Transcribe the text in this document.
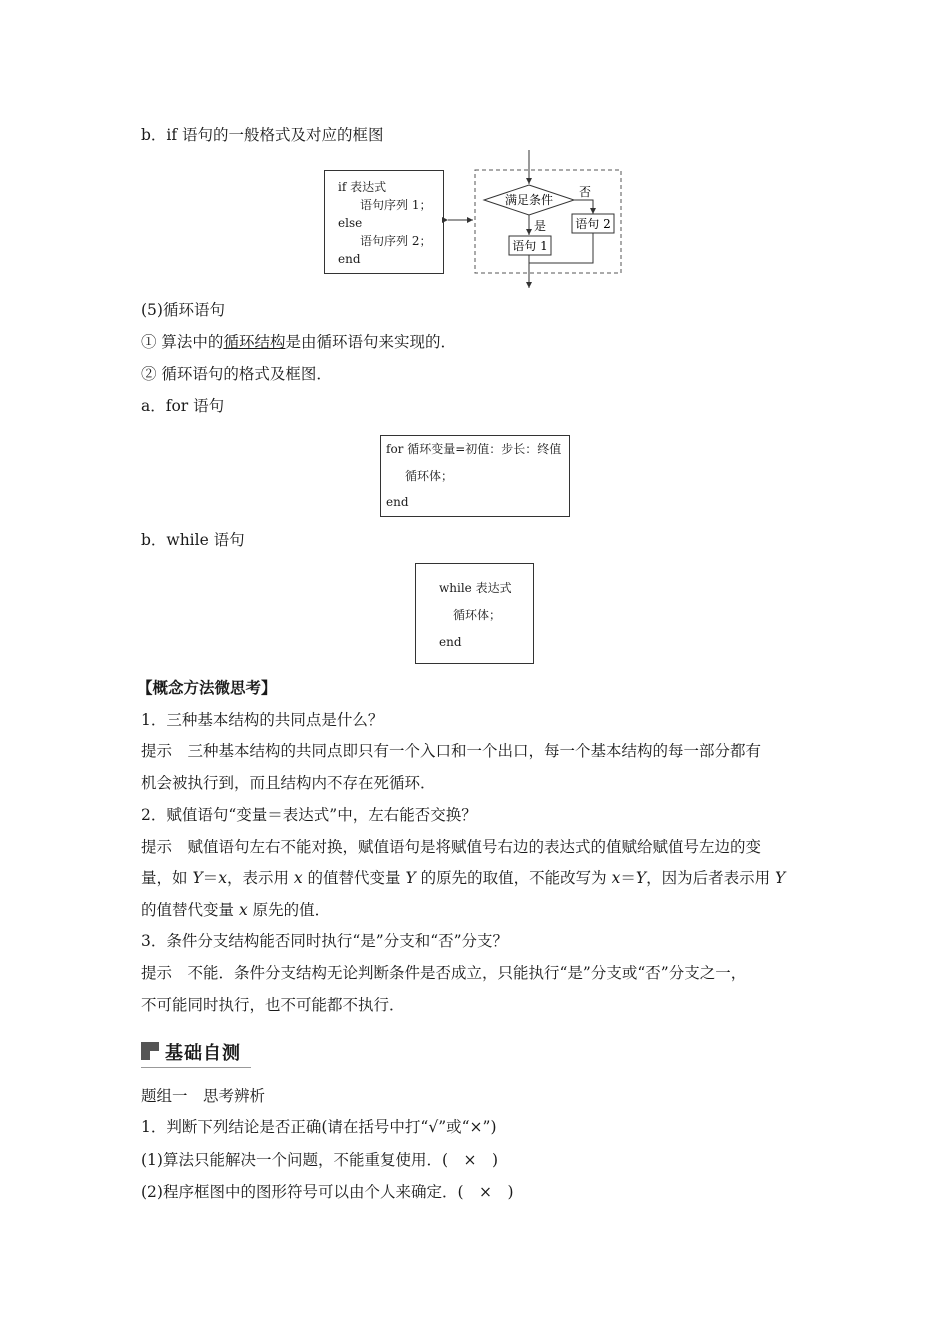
b．if 语句的一般格式及对应的框图
if 表达式
语句序列 1；
else
语句序列 2；
end
满足条件
否
语句 2
是
语句 1
(5)循环语句
① 算法中的循环结构是由循环语句来实现的．
② 循环语句的格式及框图．
a．for 语句
for 循环变量=初值：步长：终值
循环体；
end
b．while 语句
while 表达式
循环体；
end
【概念方法微思考】
1．三种基本结构的共同点是什么？
提示　三种基本结构的共同点即只有一个入口和一个出口，每一个基本结构的每一部分都有
机会被执行到，而且结构内不存在死循环．
2．赋值语句“变量＝表达式”中，左右能否交换？
提示　赋值语句左右不能对换，赋值语句是将赋值号右边的表达式的值赋给赋值号左边的变
量，如 Y＝x，表示用 x 的值替代变量 Y 的原先的取值，不能改写为 x＝Y，因为后者表示用 Y
的值替代变量 x 原先的值．
3．条件分支结构能否同时执行“是”分支和“否”分支？
提示　不能．条件分支结构无论判断条件是否成立，只能执行“是”分支或“否”分支之一，
不可能同时执行，也不可能都不执行．
基础自测
题组一　思考辨析
1．判断下列结论是否正确(请在括号中打“√”或“×”)
(1)算法只能解决一个问题，不能重复使用．(　×　)
(2)程序框图中的图形符号可以由个人来确定．(　×　)
